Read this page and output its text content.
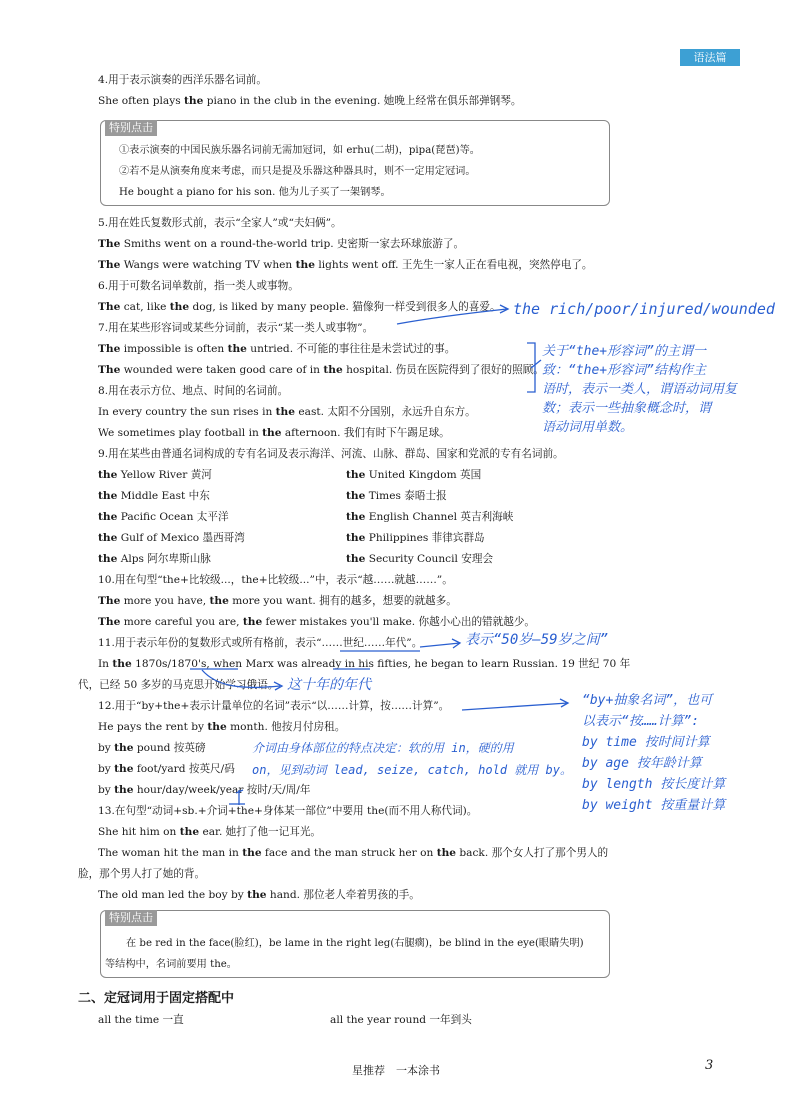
语法篇
4.用于表示演奏的西洋乐器名词前。
She often plays the piano in the club in the evening. 她晚上经常在俱乐部弹钢琴。
5.用在姓氏复数形式前，表示“全家人”或“夫妇俩”。
The Smiths went on a round-the-world trip. 史密斯一家去环球旅游了。
The Wangs were watching TV when the lights went off. 王先生一家人正在看电视，突然停电了。
6.用于可数名词单数前，指一类人或事物。
The cat, like the dog, is liked by many people. 猫像狗一样受到很多人的喜爱。
7.用在某些形容词或某些分词前，表示“某一类人或事物”。
The impossible is often the untried. 不可能的事往往是未尝试过的事。
The wounded were taken good care of in the hospital. 伤员在医院得到了很好的照顾。
8.用在表示方位、地点、时间的名词前。
In every country the sun rises in the east. 太阳不分国别，永远升自东方。
We sometimes play football in the afternoon. 我们有时下午踢足球。
9.用在某些由普通名词构成的专有名词及表示海洋、河流、山脉、群岛、国家和党派的专有名词前。
10.用在句型“the+比较级...，the+比较级...”中，表示“越……就越……”。
The more you have, the more you want. 拥有的越多，想要的就越多。
The more careful you are, the fewer mistakes you'll make. 你越小心出的错就越少。
11.用于表示年份的复数形式或所有格前，表示“……世纪……年代”。
In the 1870s/1870's, when Marx was already in his fifties, he began to learn Russian. 19 世纪 70 年
代，已经 50 多岁的马克思开始学习俄语。
12.用于“by+the+表示计量单位的名词”表示“以……计算，按……计算”。
He pays the rent by the month. 他按月付房租。
by the pound 按英磅
by the foot/yard 按英尺/码
by the hour/day/week/year 按时/天/周/年
13.在句型“动词+sb.+介词+the+身体某一部位”中要用 the(而不用人称代词)。
She hit him on the ear. 她打了他一记耳光。
The woman hit the man in the face and the man struck her on the back. 那个女人打了那个男人的
脸，那个男人打了她的背。
The old man led the boy by the hand. 那位老人牵着男孩的手。
特别点击
①表示演奏的中国民族乐器名词前无需加冠词，如 erhu(二胡)，pipa(琵琶)等。
②若不是从演奏角度来考虑，而只是提及乐器这种器具时，则不一定用定冠词。
He bought a piano for his son. 他为儿子买了一架钢琴。
the Yellow River 黄河	the United Kingdom 英国
the Middle East 中东	the Times 泰晤士报
the Pacific Ocean 太平洋	the English Channel 英吉利海峡
the Gulf of Mexico 墨西哥湾	the Philippines 菲律宾群岛
the Alps 阿尔卑斯山脉	the Security Council 安理会
特别点击
在 be red in the face(脸红)，be lame in the right leg(右腿瘸)，be blind in the eye(眼睛失明)
等结构中，名词前要用 the。
二、定冠词用于固定搭配中
all the time 一直	all the year round 一年到头
星推荐　一本涂书	3
the rich/poor/injured/wounded
关于“the+形容词”的主谓一
致：“the+形容词”结构作主
语时，表示一类人，谓语动词用复
数；表示一些抽象概念时，谓
语动词用单数。
表示“50岁—59岁之间”
这十年的年代
“by+抽象名词”，也可
以表示“按……计算”:
by time 按时间计算
by age 按年龄计算
by length 按长度计算
by weight 按重量计算
介词由身体部位的特点决定：软的用 in，硬的用
on，见到动词 lead, seize, catch, hold 就用 by。
